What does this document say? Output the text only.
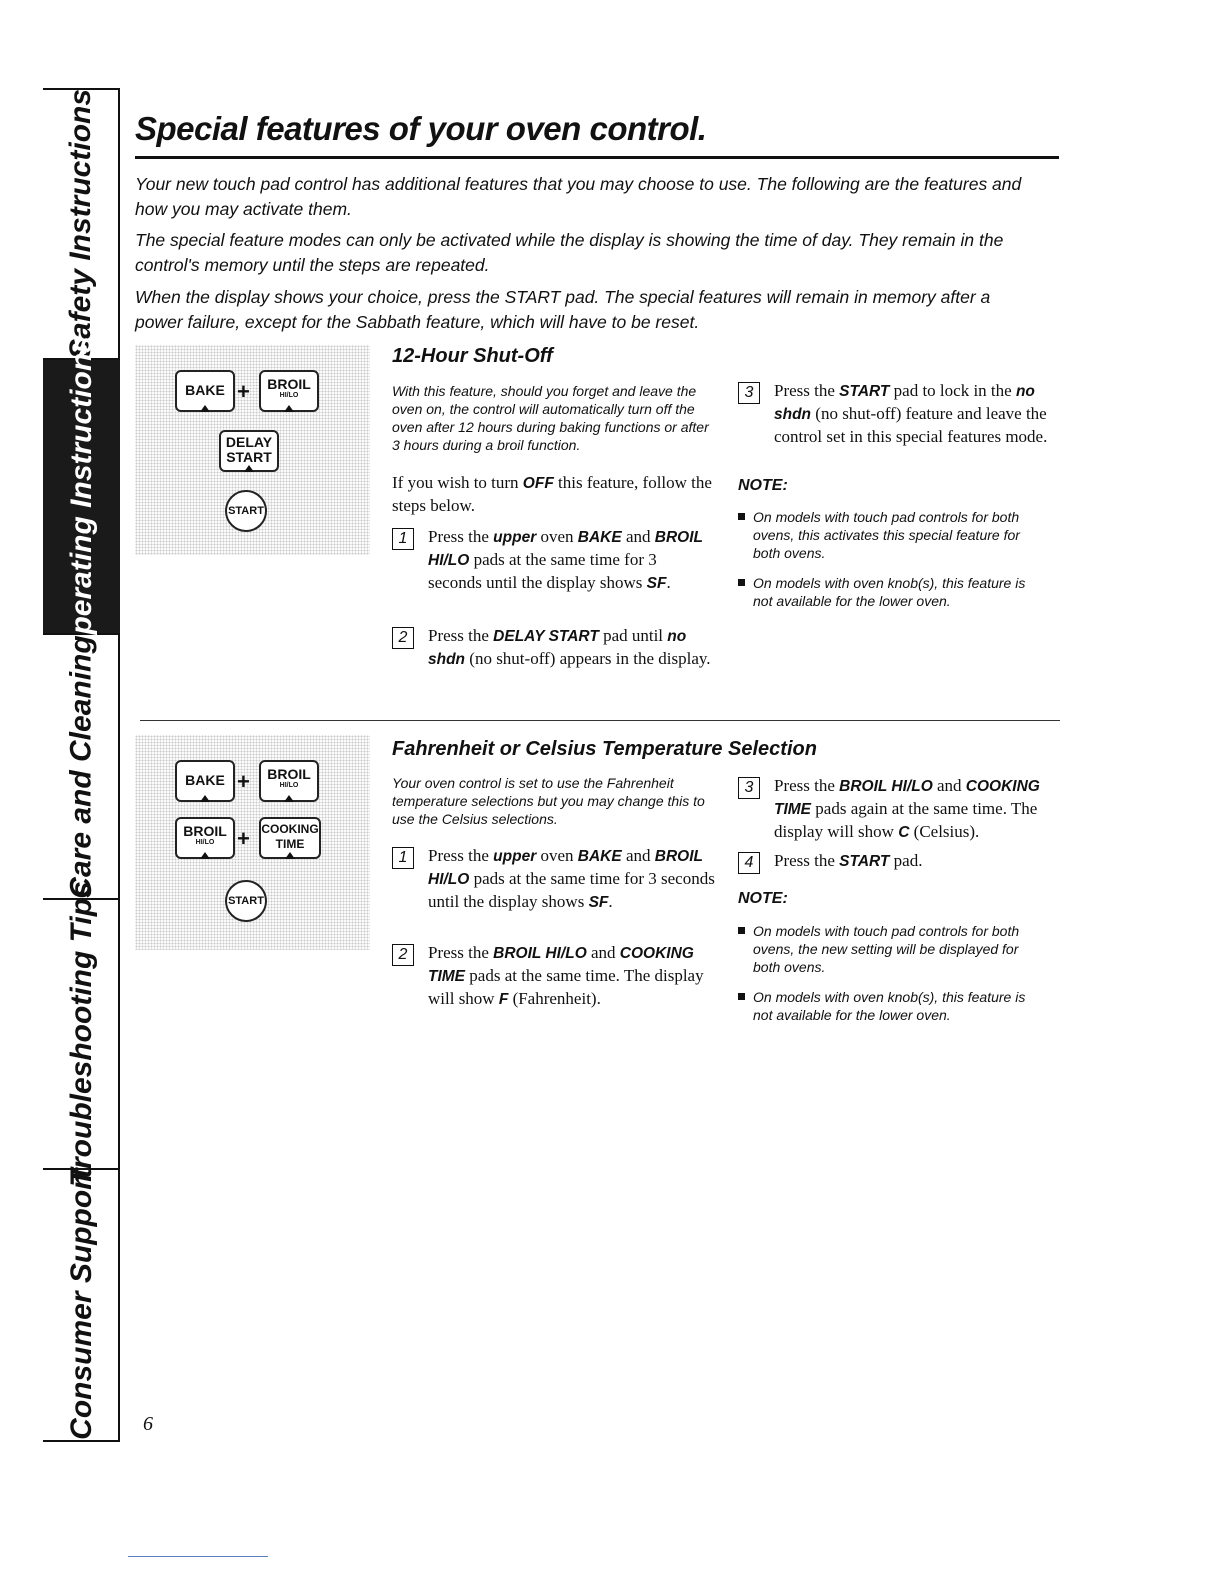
Safety Instructions
Operating Instructions
Care and Cleaning
Troubleshooting Tips
Consumer Support
Special features of your oven control.
Your new touch pad control has additional features that you may choose to use. The following are the features and how you may activate them.
The special feature modes can only be activated while the display is showing the time of day. They remain in the control's memory until the steps are repeated.
When the display shows your choice, press the START pad. The special features will remain in memory after a power failure, except for the Sabbath feature, which will have to be reset.
BAKE +	BROIL
HI/LO
DELAY
START
START
12-Hour Shut-Off
With this feature, should you forget and leave the oven on, the control will automatically turn off the oven after 12 hours during baking functions or after 3 hours during a broil function.
If you wish to turn OFF this feature, follow the steps below.
1	Press the upper oven BAKE and BROIL HI/LO pads at the same time for 3 seconds until the display shows SF.
2	Press the DELAY START pad until no shdn (no shut-off) appears in the display.
3	Press the START pad to lock in the no shdn (no shut-off) feature and leave the control set in this special features mode.
NOTE:
On models with touch pad controls for both ovens, this activates this special feature for both ovens.
On models with oven knob(s), this feature is not available for the lower oven.
BAKE +	BROIL
HI/LO
BROIL
HI/LO	+ COOKING
TIME
START
Fahrenheit or Celsius Temperature Selection
Your oven control is set to use the Fahrenheit temperature selections but you may change this to use the Celsius selections.
1	Press the upper oven BAKE and BROIL HI/LO pads at the same time for 3 seconds until the display shows SF.
2	Press the BROIL HI/LO and COOKING TIME pads at the same time. The display will show F (Fahrenheit).
3	Press the BROIL HI/LO and COOKING TIME pads again at the same time. The display will show C (Celsius).
4	Press the START pad.
NOTE:
On models with touch pad controls for both ovens, the new setting will be displayed for both ovens.
On models with oven knob(s), this feature is not available for the lower oven.
6
